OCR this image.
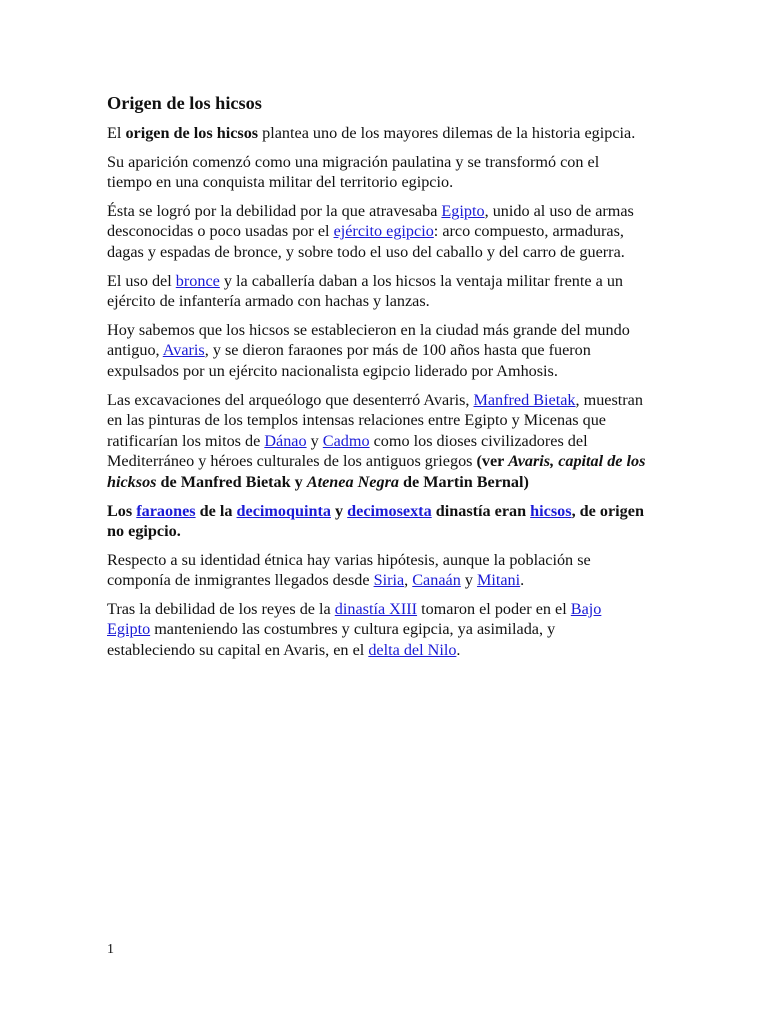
Origen de los hicsos

El origen de los hicsos plantea uno de los mayores dilemas de la historia egipcia.

Su aparición comenzó como una migración paulatina y se transformó con el tiempo en una conquista militar del territorio egipcio.

Ésta se logró por la debilidad por la que atravesaba Egipto, unido al uso de armas desconocidas o poco usadas por el ejército egipcio: arco compuesto, armaduras, dagas y espadas de bronce, y sobre todo el uso del caballo y del carro de guerra.

El uso del bronce y la caballería daban a los hicsos la ventaja militar frente a un ejército de infantería armado con hachas y lanzas.

Hoy sabemos que los hicsos se establecieron en la ciudad más grande del mundo antiguo, Avaris, y se dieron faraones por más de 100 años hasta que fueron expulsados por un ejército nacionalista egipcio liderado por Amhosis.

Las excavaciones del arqueólogo que desenterró Avaris, Manfred Bietak, muestran en las pinturas de los templos intensas relaciones entre Egipto y Micenas que ratificarían los mitos de Dánao y Cadmo como los dioses civilizadores del Mediterráneo y héroes culturales de los antiguos griegos (ver Avaris, capital de los hicksos de Manfred Bietak y Atenea Negra de Martin Bernal)

Los faraones de la decimoquinta y decimosexta dinastía eran hicsos, de origen no egipcio.

Respecto a su identidad étnica hay varias hipótesis, aunque la población se componía de inmigrantes llegados desde Siria, Canaán y Mitani.

Tras la debilidad de los reyes de la dinastía XIII tomaron el poder en el Bajo Egipto manteniendo las costumbres y cultura egipcia, ya asimilada, y estableciendo su capital en Avaris, en el delta del Nilo.

1
